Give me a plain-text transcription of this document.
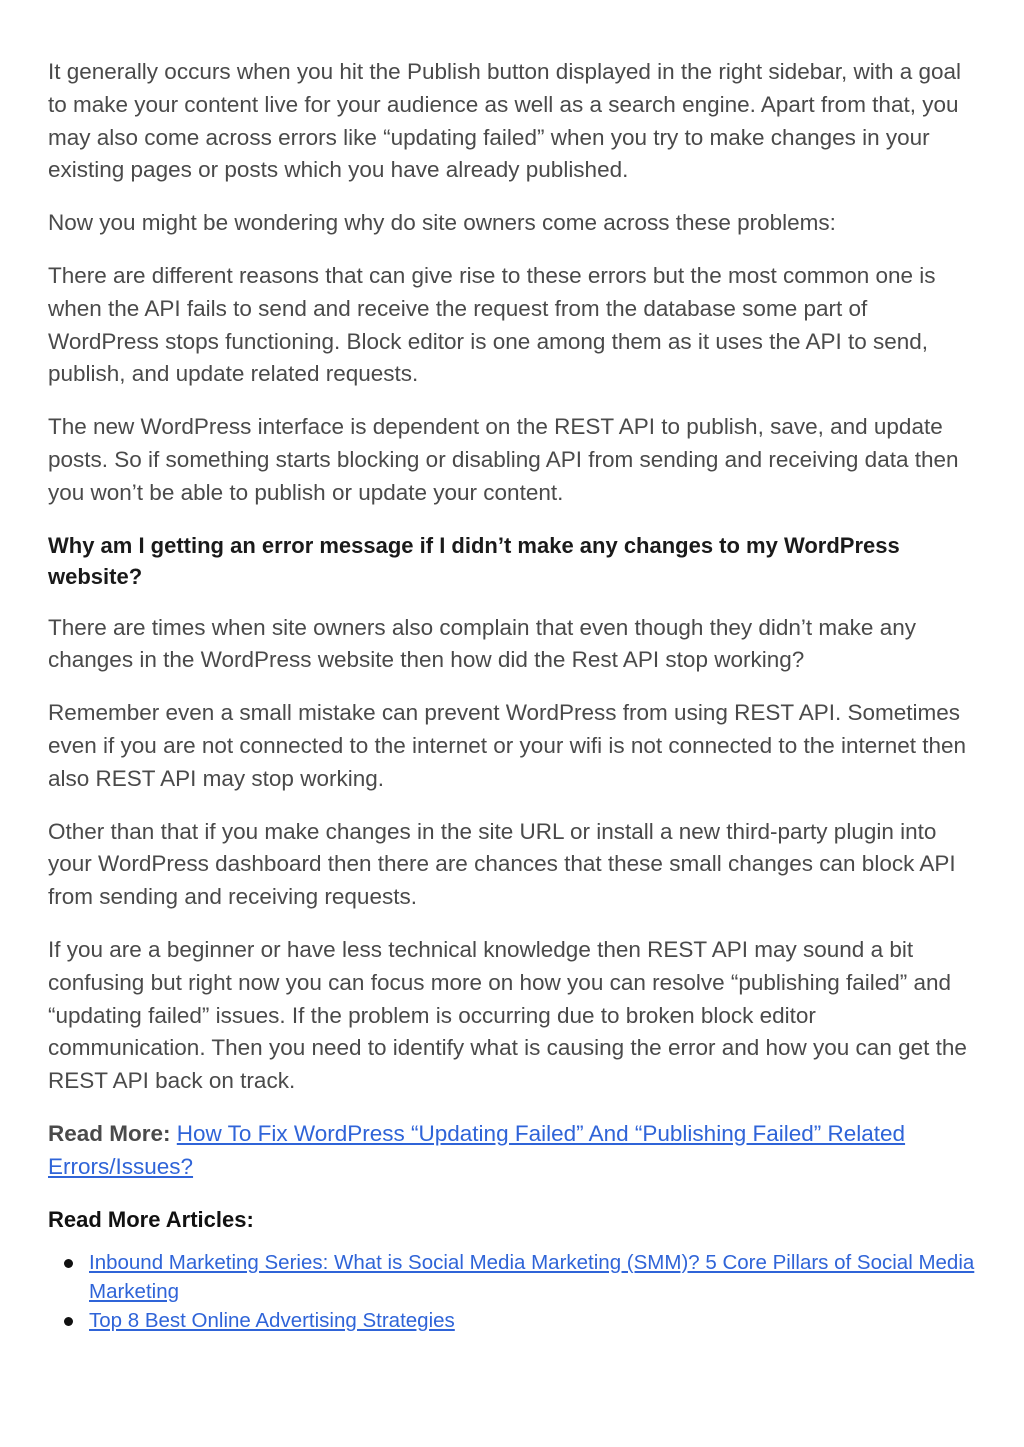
It generally occurs when you hit the Publish button displayed in the right sidebar, with a goal to make your content live for your audience as well as a search engine. Apart from that, you may also come across errors like “updating failed” when you try to make changes in your existing pages or posts which you have already published.

Now you might be wondering why do site owners come across these problems:

There are different reasons that can give rise to these errors but the most common one is when the API fails to send and receive the request from the database some part of WordPress stops functioning. Block editor is one among them as it uses the API to send, publish, and update related requests.

The new WordPress interface is dependent on the REST API to publish, save, and update posts. So if something starts blocking or disabling API from sending and receiving data then you won’t be able to publish or update your content.

Why am I getting an error message if I didn’t make any changes to my WordPress website?

There are times when site owners also complain that even though they didn’t make any changes in the WordPress website then how did the Rest API stop working?

Remember even a small mistake can prevent WordPress from using REST API. Sometimes even if you are not connected to the internet or your wifi is not connected to the internet then also REST API may stop working.

Other than that if you make changes in the site URL or install a new third-party plugin into your WordPress dashboard then there are chances that these small changes can block API from sending and receiving requests.

If you are a beginner or have less technical knowledge then REST API may sound a bit confusing but right now you can focus more on how you can resolve “publishing failed” and “updating failed” issues. If the problem is occurring due to broken block editor communication. Then you need to identify what is causing the error and how you can get the REST API back on track.

Read More: How To Fix WordPress “Updating Failed” And “Publishing Failed” Related Errors/Issues?

Read More Articles:

Inbound Marketing Series: What is Social Media Marketing (SMM)? 5 Core Pillars of Social Media Marketing
Top 8 Best Online Advertising Strategies
